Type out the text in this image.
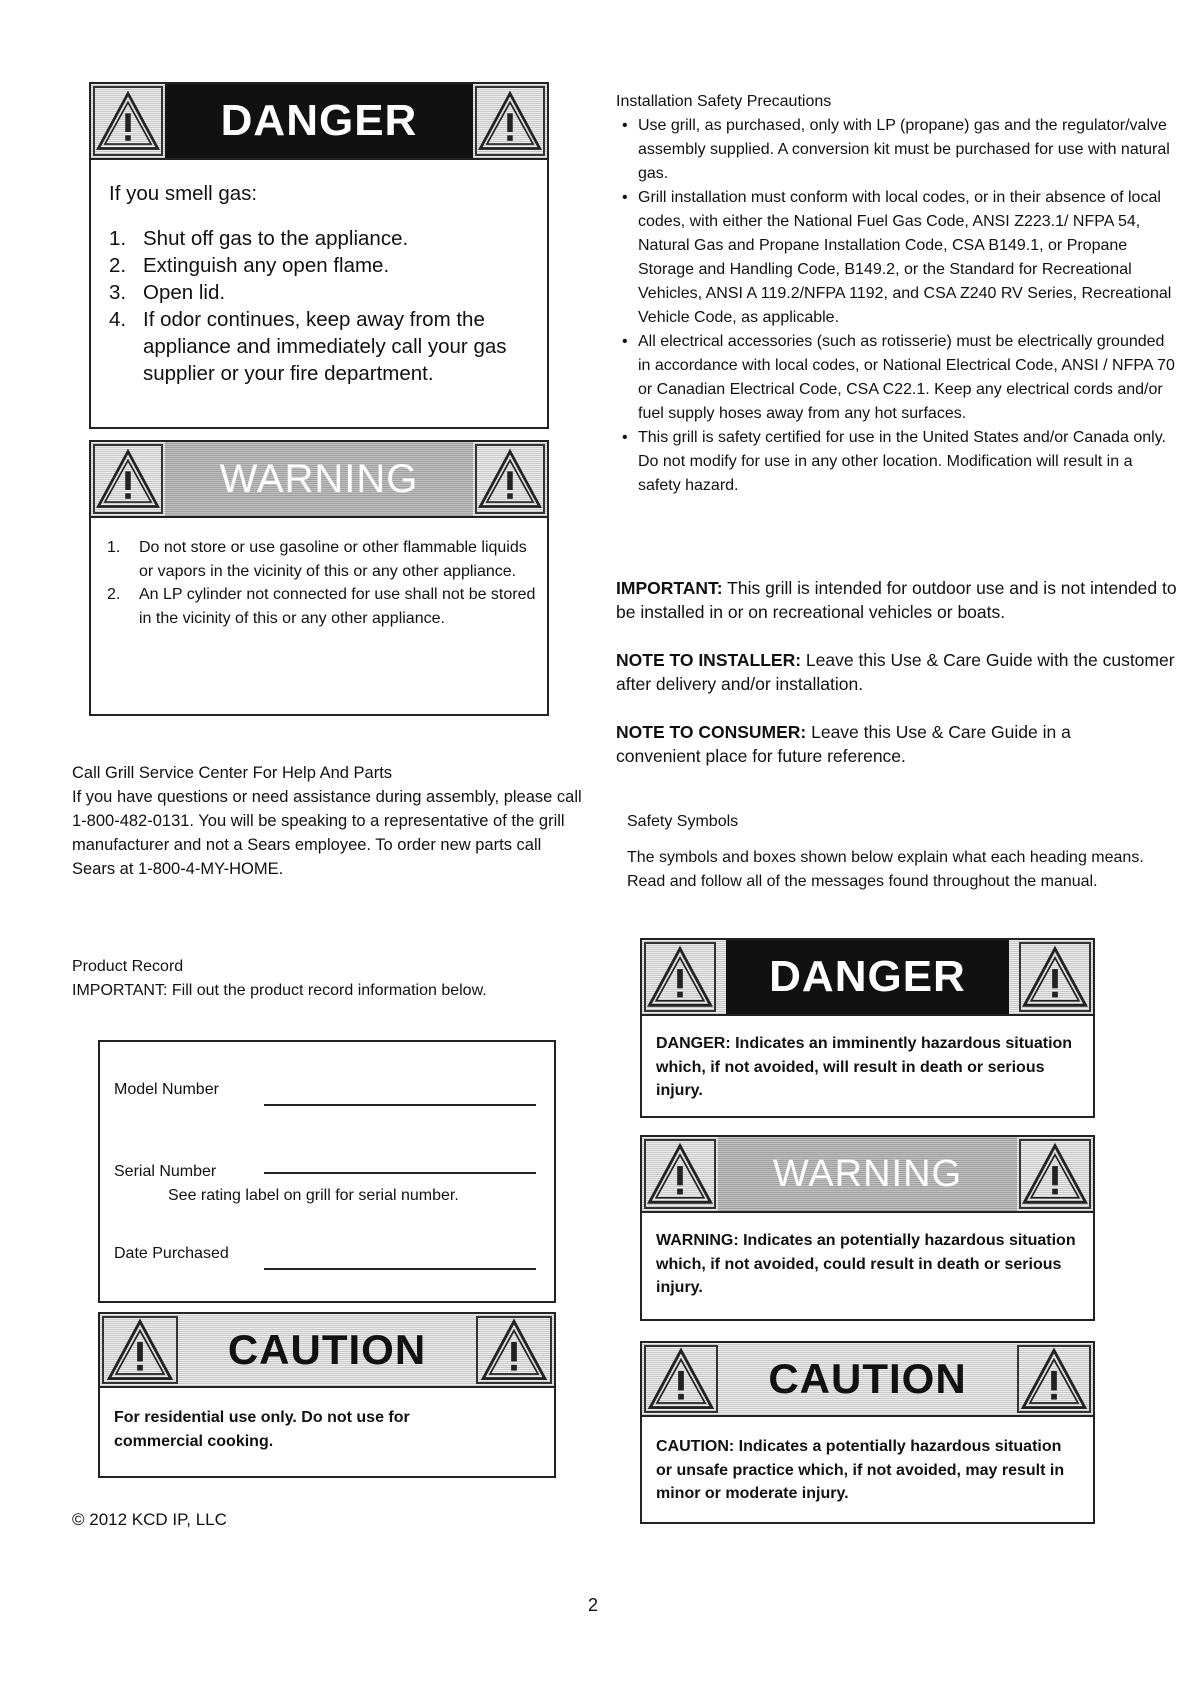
DANGER
If you smell gas:
1. Shut off gas to the appliance.
2. Extinguish any open flame.
3. Open lid.
4. If odor continues, keep away from the appliance and immediately call your gas supplier or your fire department.
WARNING
1. Do not store or use gasoline or other flammable liquids or vapors in the vicinity of this or any other appliance.
2. An LP cylinder not connected for use shall not be stored in the vicinity of this or any other appliance.
Call Grill Service Center For Help And Parts
If you have questions or need assistance during assembly, please call 1-800-482-0131. You will be speaking to a representative of the grill manufacturer and not a Sears employee. To order new parts call Sears at 1-800-4-MY-HOME.
Product Record
IMPORTANT: Fill out the product record information below.
Model Number
Serial Number
See rating label on grill for serial number.
Date Purchased
CAUTION
For residential use only. Do not use for commercial cooking.
© 2012 KCD IP, LLC
Installation Safety Precautions
• Use grill, as purchased, only with LP (propane) gas and the regulator/valve assembly supplied. A conversion kit must be purchased for use with natural gas.
• Grill installation must conform with local codes, or in their absence of local codes, with either the National Fuel Gas Code, ANSI Z223.1/ NFPA 54, Natural Gas and Propane Installation Code, CSA B149.1, or Propane Storage and Handling Code, B149.2, or the Standard for Recreational Vehicles, ANSI A 119.2/NFPA 1192, and CSA Z240 RV Series, Recreational Vehicle Code, as applicable.
• All electrical accessories (such as rotisserie) must be electrically grounded in accordance with local codes, or National Electrical Code, ANSI / NFPA 70 or Canadian Electrical Code, CSA C22.1. Keep any electrical cords and/or fuel supply hoses away from any hot surfaces.
• This grill is safety certified for use in the United States and/or Canada only. Do not modify for use in any other location. Modification will result in a safety hazard.
IMPORTANT: This grill is intended for outdoor use and is not intended to be installed in or on recreational vehicles or boats.
NOTE TO INSTALLER: Leave this Use & Care Guide with the customer after delivery and/or installation.
NOTE TO CONSUMER: Leave this Use & Care Guide in a convenient place for future reference.
Safety Symbols
The symbols and boxes shown below explain what each heading means. Read and follow all of the messages found throughout the manual.
DANGER
DANGER: Indicates an imminently hazardous situation which, if not avoided, will result in death or serious injury.
WARNING
WARNING: Indicates an potentially hazardous situation which, if not avoided, could result in death or serious injury.
CAUTION
CAUTION: Indicates a potentially hazardous situation or unsafe practice which, if not avoided, may result in minor or moderate injury.
2
